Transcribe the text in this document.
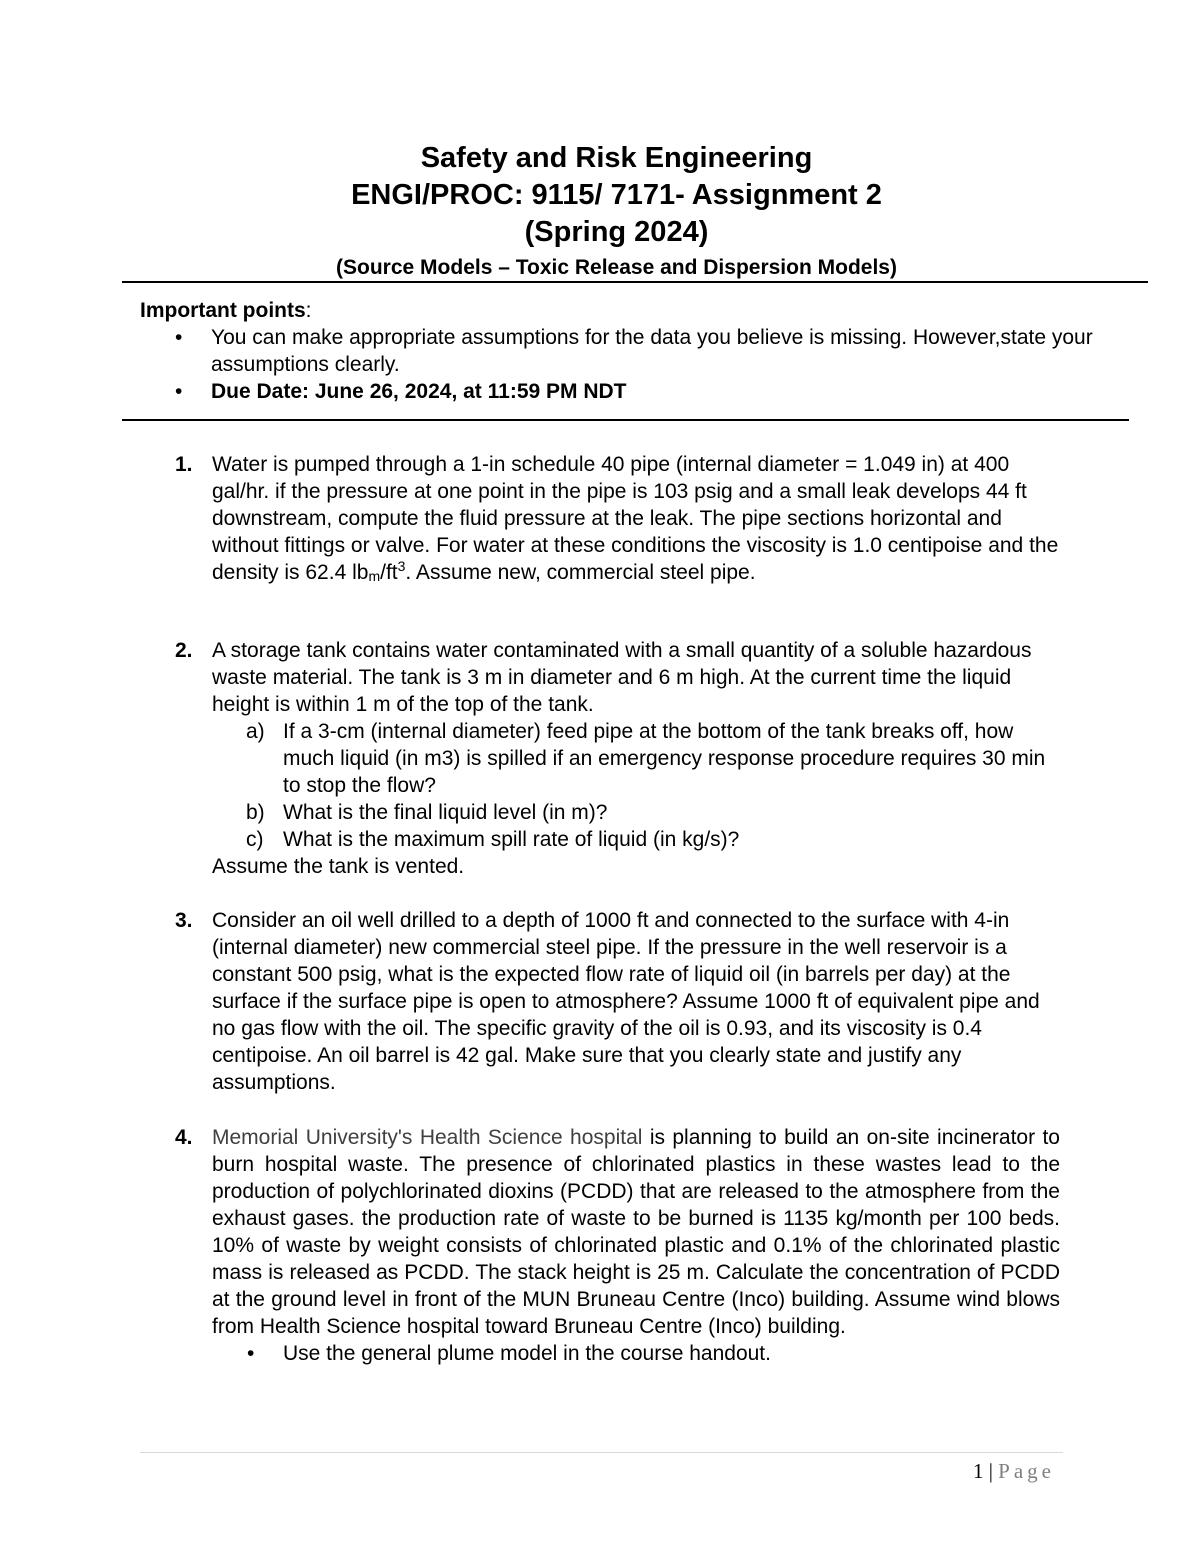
Safety and Risk Engineering
ENGI/PROC: 9115/ 7171- Assignment 2
(Spring 2024)
(Source Models – Toxic Release and Dispersion Models)
Important points:
• You can make appropriate assumptions for the data you believe is missing. However,state your assumptions clearly.
• Due Date: June 26, 2024, at 11:59 PM NDT
1. Water is pumped through a 1-in schedule 40 pipe (internal diameter = 1.049 in) at 400 gal/hr. if the pressure at one point in the pipe is 103 psig and a small leak develops 44 ft downstream, compute the fluid pressure at the leak. The pipe sections horizontal and without fittings or valve. For water at these conditions the viscosity is 1.0 centipoise and the density is 62.4 $lb_m/ft^3$. Assume new, commercial steel pipe.
2. A storage tank contains water contaminated with a small quantity of a soluble hazardous waste material. The tank is 3 m in diameter and 6 m high. At the current time the liquid height is within 1 m of the top of the tank.
a) If a 3-cm (internal diameter) feed pipe at the bottom of the tank breaks off, how much liquid (in m3) is spilled if an emergency response procedure requires 30 min to stop the flow?
b) What is the final liquid level (in m)?
c) What is the maximum spill rate of liquid (in kg/s)?
Assume the tank is vented.
3. Consider an oil well drilled to a depth of 1000 ft and connected to the surface with 4-in (internal diameter) new commercial steel pipe. If the pressure in the well reservoir is a constant 500 psig, what is the expected flow rate of liquid oil (in barrels per day) at the surface if the surface pipe is open to atmosphere? Assume 1000 ft of equivalent pipe and no gas flow with the oil. The specific gravity of the oil is 0.93, and its viscosity is 0.4 centipoise. An oil barrel is 42 gal. Make sure that you clearly state and justify any assumptions.
4. Memorial University's Health Science hospital is planning to build an on-site incinerator to burn hospital waste. The presence of chlorinated plastics in these wastes lead to the production of polychlorinated dioxins (PCDD) that are released to the atmosphere from the exhaust gases. the production rate of waste to be burned is 1135 kg/month per 100 beds. 10% of waste by weight consists of chlorinated plastic and 0.1% of the chlorinated plastic mass is released as PCDD. The stack height is 25 m. Calculate the concentration of PCDD at the ground level in front of the MUN Bruneau Centre (Inco) building. Assume wind blows from Health Science hospital toward Bruneau Centre (Inco) building.
• Use the general plume model in the course handout.
1 | Page
